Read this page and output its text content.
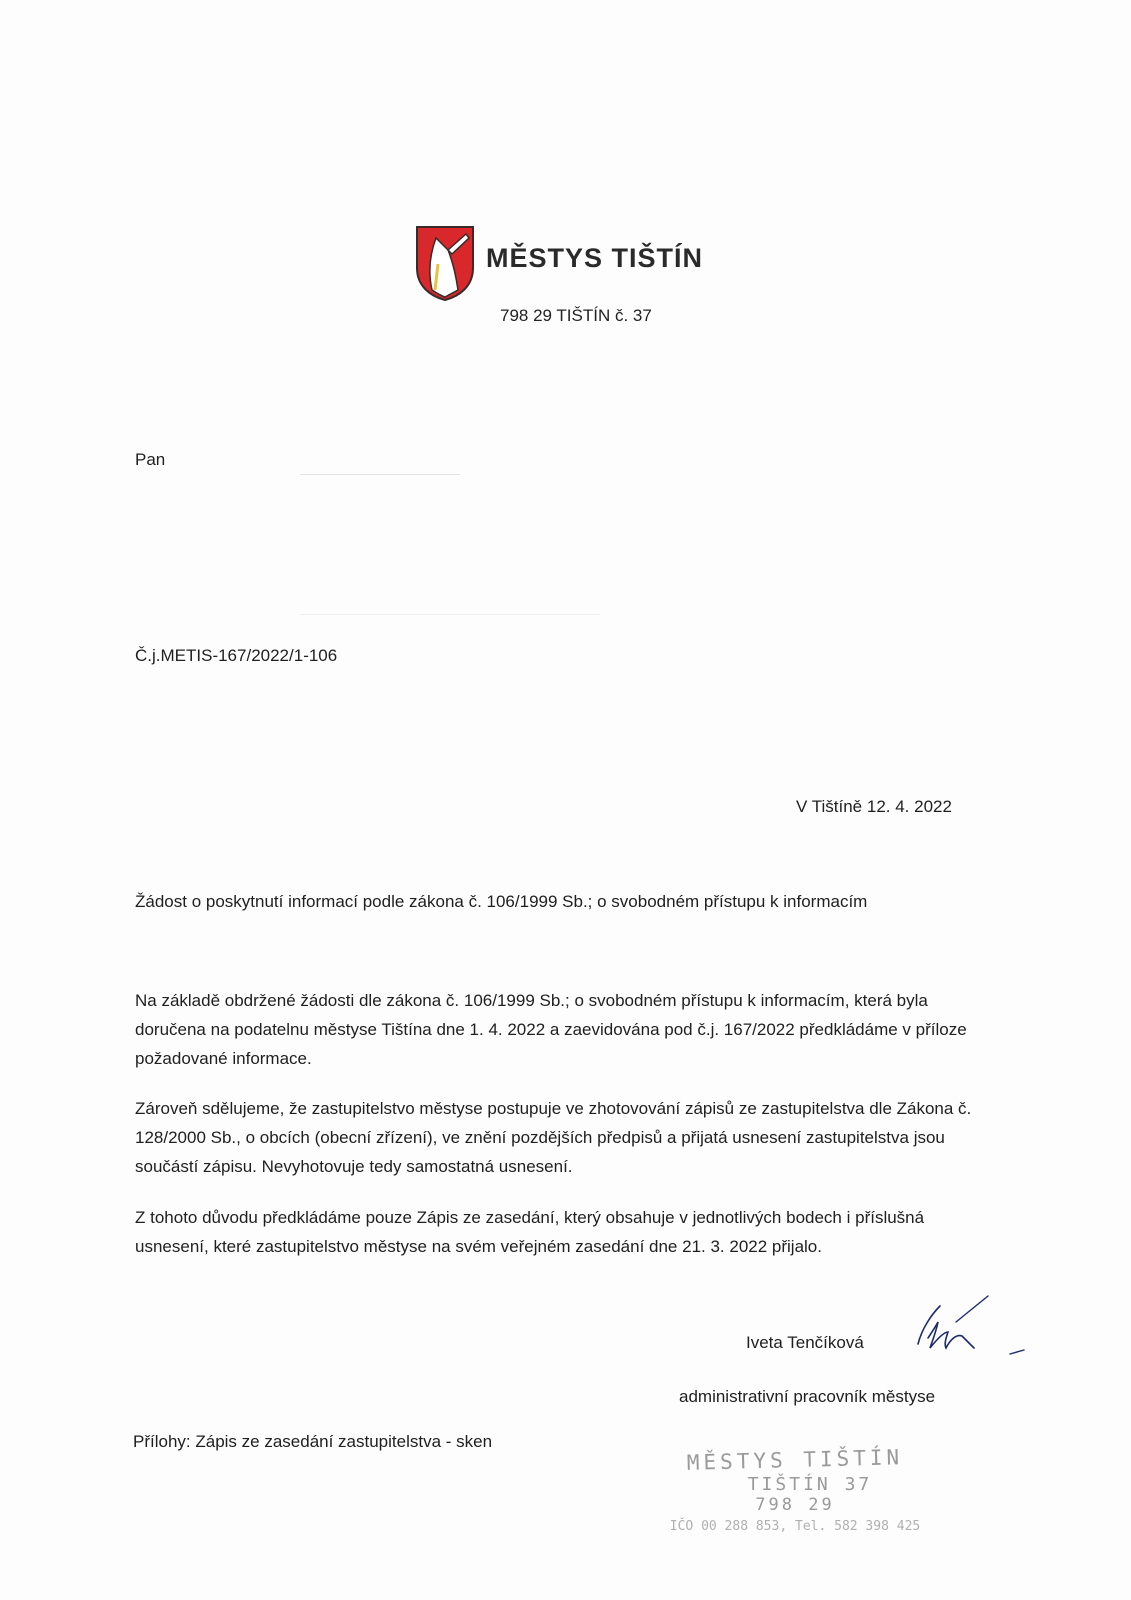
MĚSTYS TIŠTÍN
798 29 TIŠTÍN č. 37
Pan
Č.j.METIS-167/2022/1-106
V Tištíně 12. 4. 2022
Žádost o poskytnutí informací podle zákona č. 106/1999 Sb.; o svobodném přístupu k informacím
Na základě obdržené žádosti dle zákona č. 106/1999 Sb.; o svobodném přístupu k informacím, která byla doručena na podatelnu městyse Tištína dne 1. 4. 2022 a zaevidována pod č.j. 167/2022 předkládáme v příloze požadované informace.
Zároveň sdělujeme, že zastupitelstvo městyse postupuje ve zhotovování zápisů ze zastupitelstva dle Zákona č. 128/2000 Sb., o obcích (obecní zřízení), ve znění pozdějších předpisů a přijatá usnesení zastupitelstva jsou součástí zápisu. Nevyhotovuje tedy samostatná usnesení.
Z tohoto důvodu předkládáme pouze Zápis ze zasedání, který obsahuje v jednotlivých bodech i příslušná usnesení, které zastupitelstvo městyse na svém veřejném zasedání dne 21. 3. 2022 přijalo.
Iveta Tenčíková
administrativní pracovník městyse
Přílohy: Zápis ze zasedání zastupitelstva - sken
MĚSTYS TIŠTÍN
TIŠTÍN 37
798 29
IČO 00 288 853, Tel. 582 398 425
